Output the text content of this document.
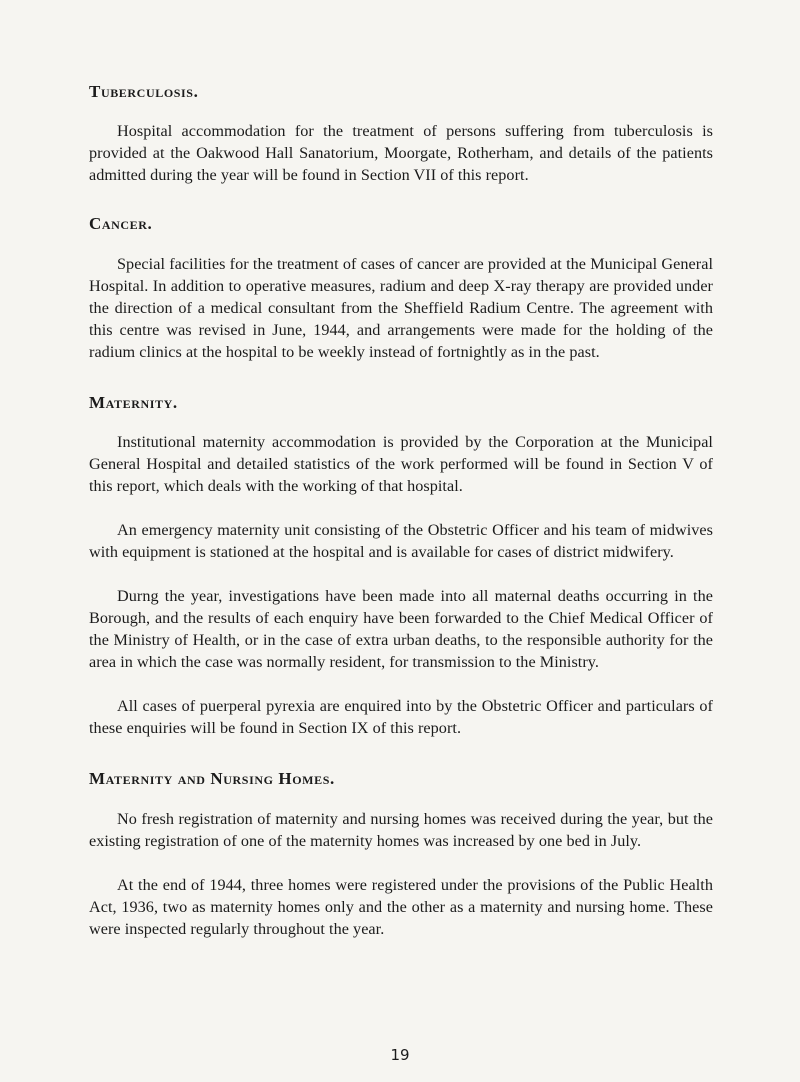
Tuberculosis.

Hospital accommodation for the treatment of persons suffering from tuberculosis is provided at the Oakwood Hall Sanatorium, Moorgate, Rotherham, and details of the patients admitted during the year will be found in Section VII of this report.

Cancer.

Special facilities for the treatment of cases of cancer are provided at the Municipal General Hospital. In addition to operative measures, radium and deep X-ray therapy are provided under the direction of a medical consultant from the Sheffield Radium Centre. The agreement with this centre was revised in June, 1944, and arrangements were made for the holding of the radium clinics at the hospital to be weekly instead of fortnightly as in the past.

Maternity.

Institutional maternity accommodation is provided by the Corporation at the Municipal General Hospital and detailed statistics of the work performed will be found in Section V of this report, which deals with the working of that hospital.

An emergency maternity unit consisting of the Obstetric Officer and his team of midwives with equipment is stationed at the hospital and is available for cases of district midwifery.

Durng the year, investigations have been made into all maternal deaths occurring in the Borough, and the results of each enquiry have been forwarded to the Chief Medical Officer of the Ministry of Health, or in the case of extra urban deaths, to the responsible authority for the area in which the case was normally resident, for transmission to the Ministry.

All cases of puerperal pyrexia are enquired into by the Obstetric Officer and particulars of these enquiries will be found in Section IX of this report.

Maternity and Nursing Homes.

No fresh registration of maternity and nursing homes was received during the year, but the existing registration of one of the maternity homes was increased by one bed in July.

At the end of 1944, three homes were registered under the provisions of the Public Health Act, 1936, two as maternity homes only and the other as a maternity and nursing home. These were inspected regularly throughout the year.

19
